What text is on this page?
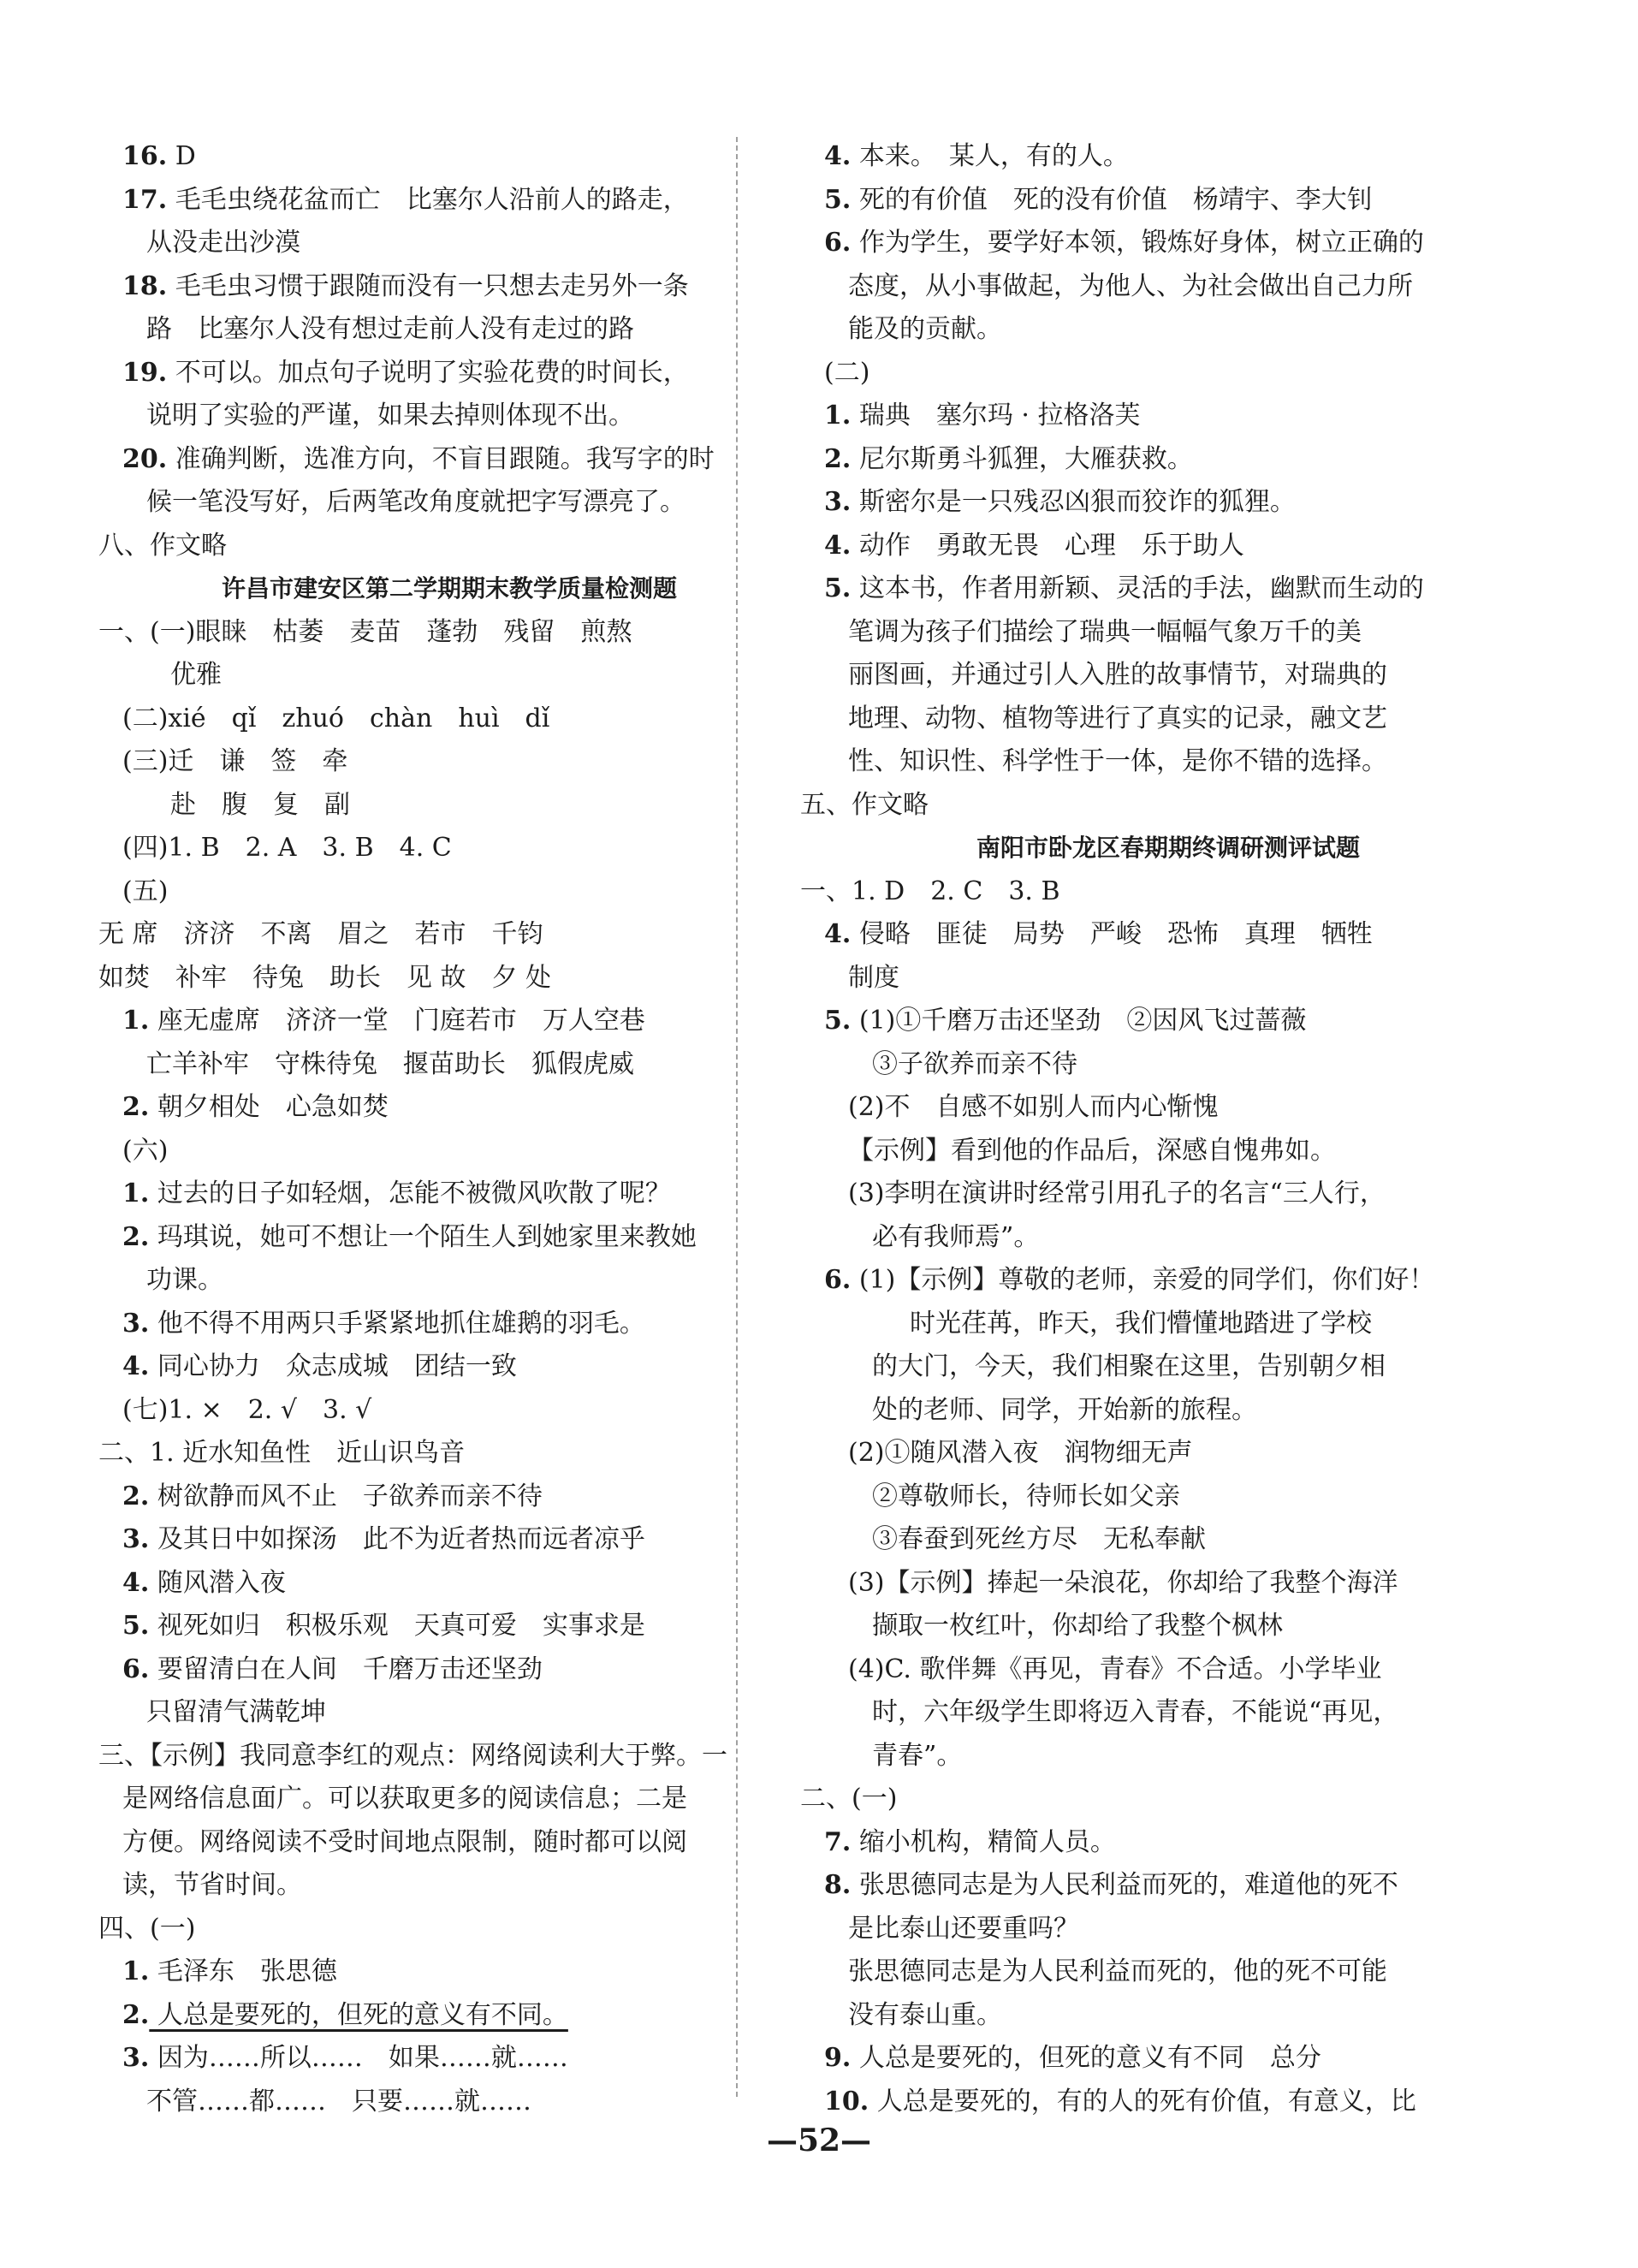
16. D
17. 毛毛虫绕花盆而亡　比塞尔人沿前人的路走，
从没走出沙漠
18. 毛毛虫习惯于跟随而没有一只想去走另外一条
路　比塞尔人没有想过走前人没有走过的路
19. 不可以。加点句子说明了实验花费的时间长，
说明了实验的严谨，如果去掉则体现不出。
20. 准确判断，选准方向，不盲目跟随。我写字的时
候一笔没写好，后两笔改角度就把字写漂亮了。
八、作文略
许昌市建安区第二学期期末教学质量检测题
一、(一)眼睐　枯萎　麦苗　蓬勃　残留　煎熬
优雅
(二)xié　qǐ　zhuó　chàn　huì　dǐ
(三)迁　谦　签　牵
赴　腹　复　副
(四)1. B　2. A　3. B　4. C
(五)
无 席　济济　不离　眉之　若市　千钧
如焚　补牢　待兔　助长　见 故　夕 处
1. 座无虚席　济济一堂　门庭若市　万人空巷
亡羊补牢　守株待兔　揠苗助长　狐假虎威
2. 朝夕相处　心急如焚
(六)
1. 过去的日子如轻烟，怎能不被微风吹散了呢？
2. 玛琪说，她可不想让一个陌生人到她家里来教她
功课。
3. 他不得不用两只手紧紧地抓住雄鹅的羽毛。
4. 同心协力　众志成城　团结一致
(七)1. ×　2. √　3. √
二、1. 近水知鱼性　近山识鸟音
2. 树欲静而风不止　子欲养而亲不待
3. 及其日中如探汤　此不为近者热而远者凉乎
4. 随风潜入夜
5. 视死如归　积极乐观　天真可爱　实事求是
6. 要留清白在人间　千磨万击还坚劲
只留清气满乾坤
三、【示例】我同意李红的观点：网络阅读利大于弊。一
是网络信息面广。可以获取更多的阅读信息；二是
方便。网络阅读不受时间地点限制，随时都可以阅
读，节省时间。
四、(一)
1. 毛泽东　张思德
2. 人总是要死的，但死的意义有不同。
3. 因为……所以……　如果……就……
不管……都……　只要……就……
4. 本来。　某人，有的人。
5. 死的有价值　死的没有价值　杨靖宇、李大钊
6. 作为学生，要学好本领，锻炼好身体，树立正确的
态度，从小事做起，为他人、为社会做出自己力所
能及的贡献。
(二)
1. 瑞典　塞尔玛 · 拉格洛芙
2. 尼尔斯勇斗狐狸，大雁获救。
3. 斯密尔是一只残忍凶狠而狡诈的狐狸。
4. 动作　勇敢无畏　心理　乐于助人
5. 这本书，作者用新颖、灵活的手法，幽默而生动的
笔调为孩子们描绘了瑞典一幅幅气象万千的美
丽图画，并通过引人入胜的故事情节，对瑞典的
地理、动物、植物等进行了真实的记录，融文艺
性、知识性、科学性于一体，是你不错的选择。
五、作文略
南阳市卧龙区春期期终调研测评试题
一、1. D　2. C　3. B
4. 侵略　匪徒　局势　严峻　恐怖　真理　牺牲
制度
5. (1)①千磨万击还坚劲　②因风飞过蔷薇
③子欲养而亲不待
(2)不　自感不如别人而内心惭愧
【示例】看到他的作品后，深感自愧弗如。
(3)李明在演讲时经常引用孔子的名言“三人行，
必有我师焉”。
6. (1)【示例】尊敬的老师，亲爱的同学们，你们好！
　时光荏苒，昨天，我们懵懂地踏进了学校
的大门，今天，我们相聚在这里，告别朝夕相
处的老师、同学，开始新的旅程。
(2)①随风潜入夜　润物细无声
②尊敬师长，待师长如父亲
③春蚕到死丝方尽　无私奉献
(3)【示例】捧起一朵浪花，你却给了我整个海洋
撷取一枚红叶，你却给了我整个枫林
(4)C. 歌伴舞《再见，青春》不合适。小学毕业
时，六年级学生即将迈入青春，不能说“再见，
青春”。
二、(一)
7. 缩小机构，精简人员。
8. 张思德同志是为人民利益而死的，难道他的死不
是比泰山还要重吗？
张思德同志是为人民利益而死的，他的死不可能
没有泰山重。
9. 人总是要死的，但死的意义有不同　总分
10. 人总是要死的，有的人的死有价值，有意义，比
—52—
